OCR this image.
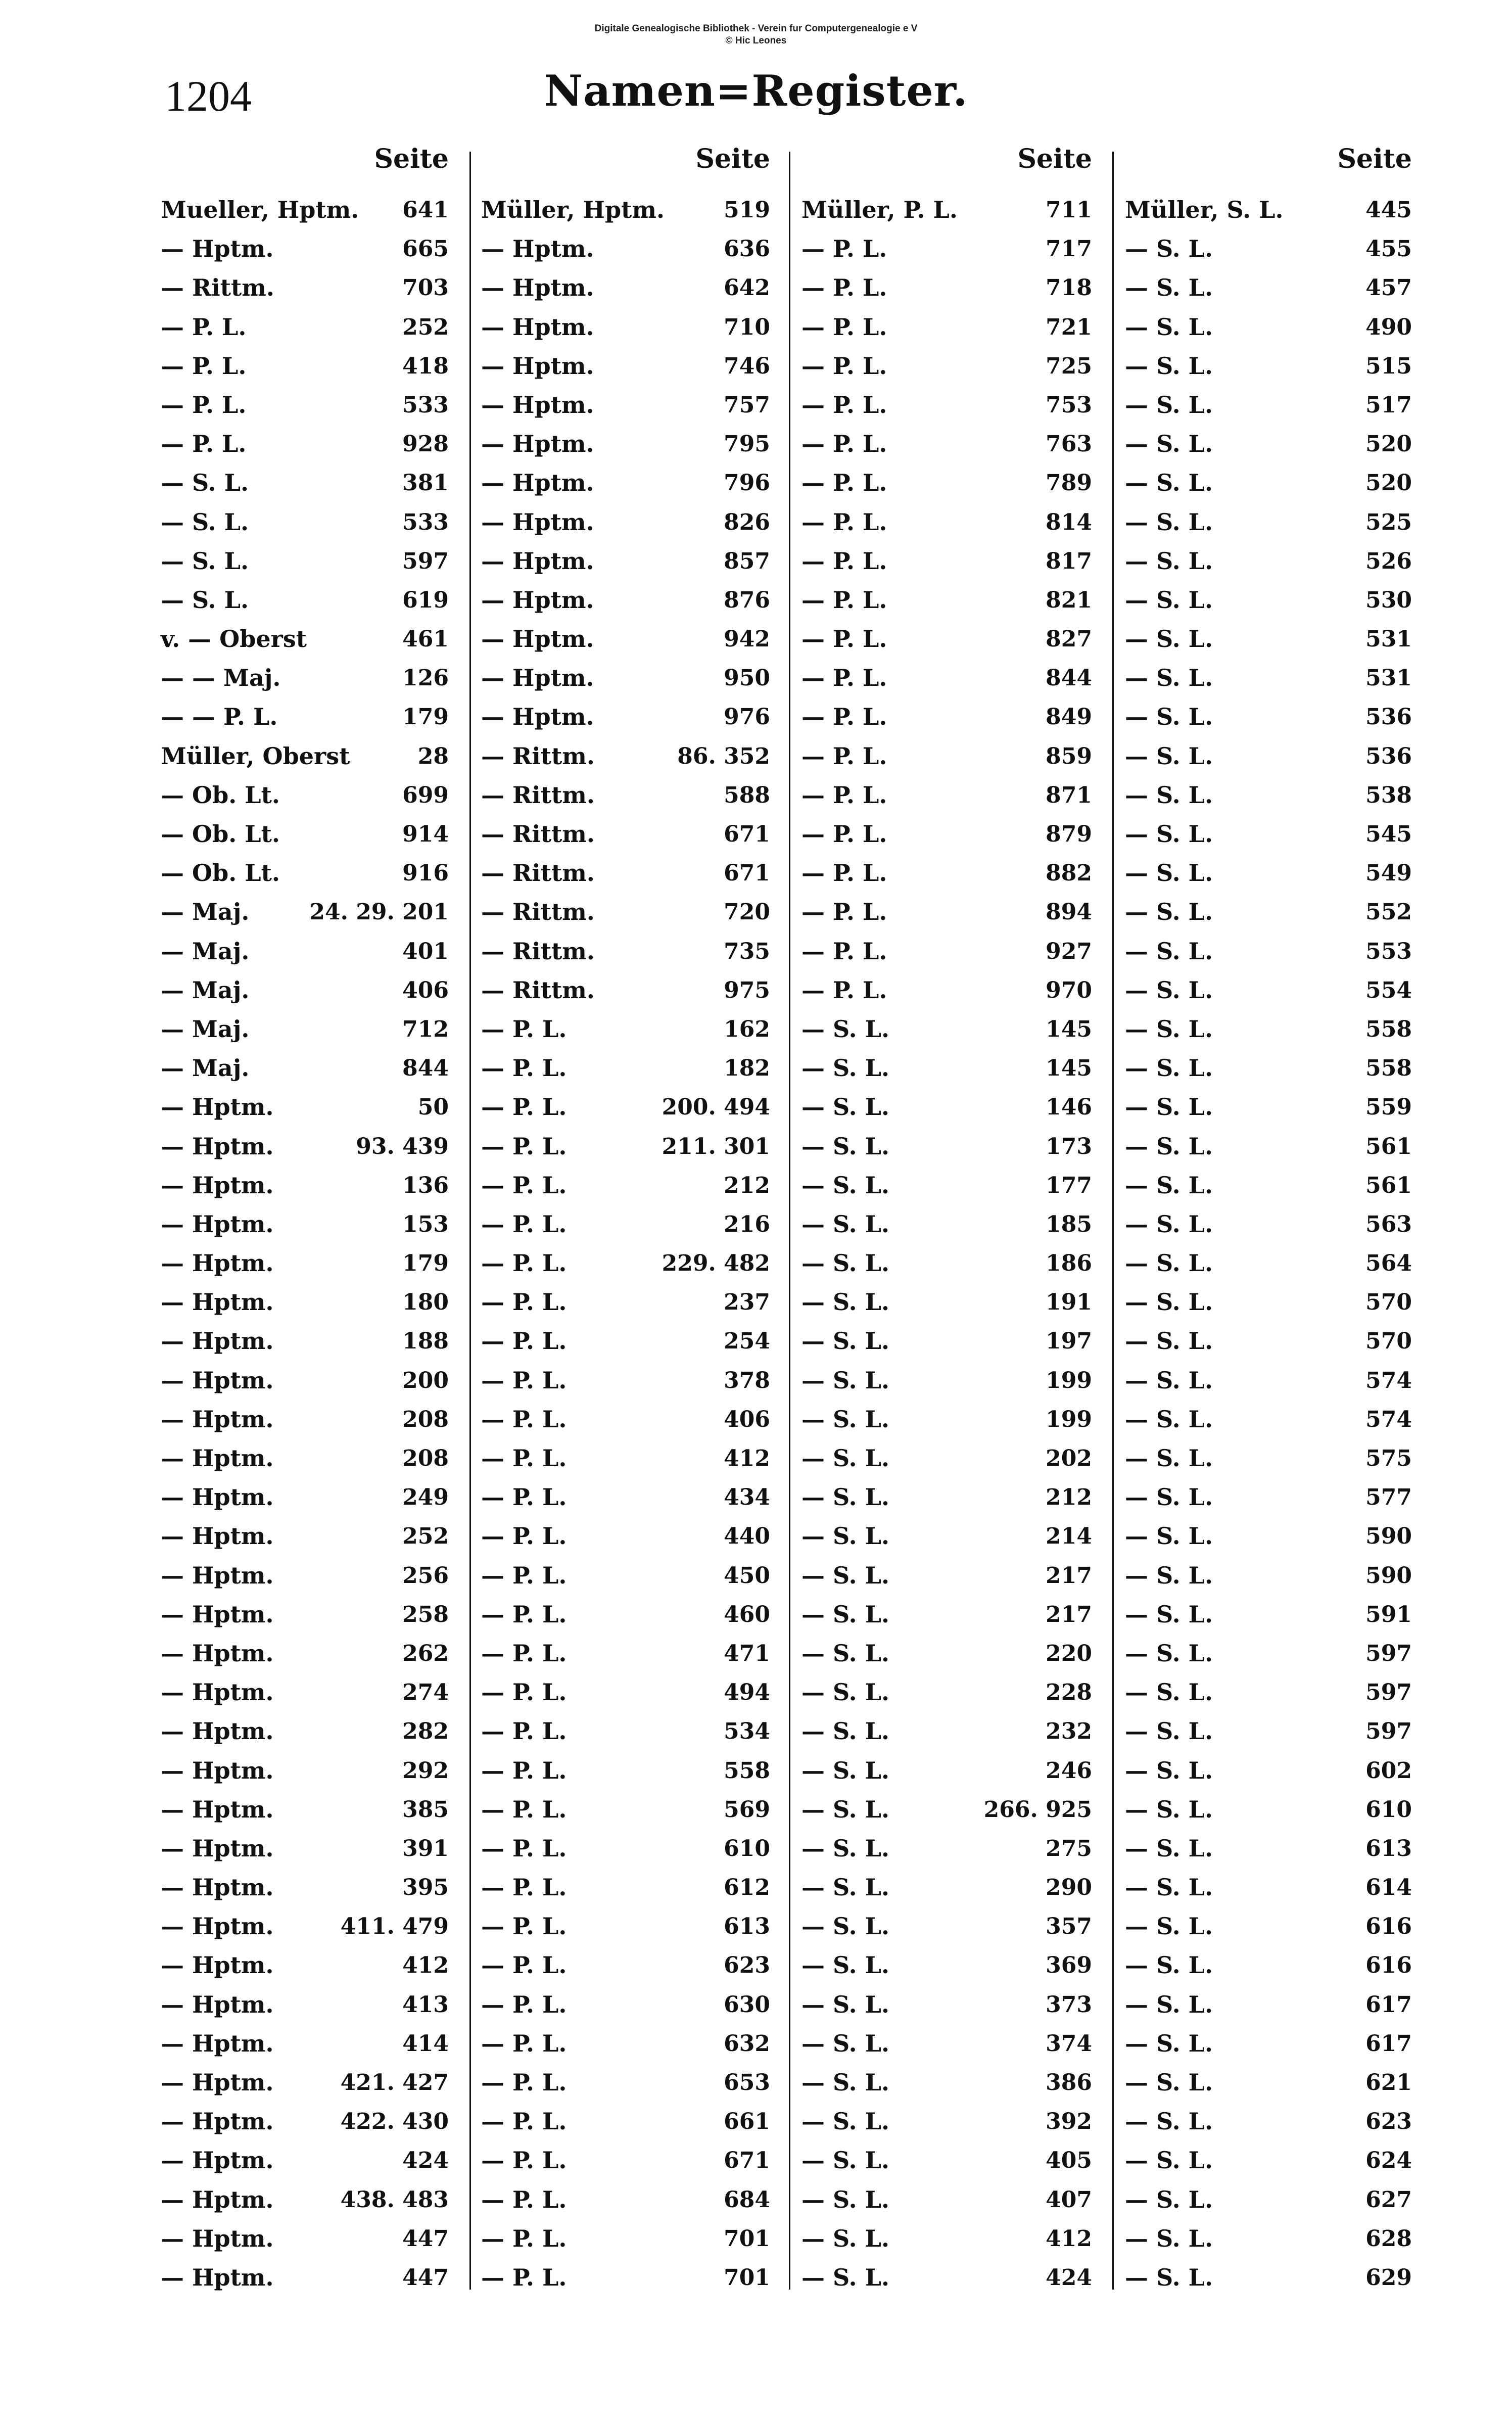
Digitale Genealogische Bibliothek - Verein fur Computergenealogie e V
© Hic Leones
1204	Namen=Register.
Seite
Mueller, Hptm. 641
— Hptm.	665
— Rittm.	703
— P. L.	252
— P. L.	418
— P. L.	533
— P. L.	928
— S. L.	381
— S. L.	533
— S. L.	597
— S. L.	619
v. — Oberst	461
— — Maj.	126
— — P. L.	179
Müller, Oberst	28
— Ob. Lt.	699
— Ob. Lt.	914
— Ob. Lt.	916
— Maj.	24. 29. 201
— Maj.	401
— Maj.	406
— Maj.	712
— Maj.	844
— Hptm.	50
— Hptm.	93. 439
— Hptm.	136
— Hptm.	153
— Hptm.	179
— Hptm.	180
— Hptm.	188
— Hptm.	200
— Hptm.	208
— Hptm.	208
— Hptm.	249
— Hptm.	252
— Hptm.	256
— Hptm.	258
— Hptm.	262
— Hptm.	274
— Hptm.	282
— Hptm.	292
— Hptm.	385
— Hptm.	391
— Hptm.	395
— Hptm.	411. 479
— Hptm.	412
— Hptm.	413
— Hptm.	414
— Hptm.	421. 427
— Hptm.	422. 430
— Hptm.	424
— Hptm.	438. 483
— Hptm.	447
— Hptm.	447
Seite
Müller, Hptm.	519
— Hptm.	636
— Hptm.	642
— Hptm.	710
— Hptm.	746
— Hptm.	757
— Hptm.	795
— Hptm.	796
— Hptm.	826
— Hptm.	857
— Hptm.	876
— Hptm.	942
— Hptm.	950
— Hptm.	976
— Rittm.	86. 352
— Rittm.	588
— Rittm.	671
— Rittm.	671
— Rittm.	720
— Rittm.	735
— Rittm.	975
— P. L.	162
— P. L.	182
— P. L.	200. 494
— P. L.	211. 301
— P. L.	212
— P. L.	216
— P. L.	229. 482
— P. L.	237
— P. L.	254
— P. L.	378
— P. L.	406
— P. L.	412
— P. L.	434
— P. L.	440
— P. L.	450
— P. L.	460
— P. L.	471
— P. L.	494
— P. L.	534
— P. L.	558
— P. L.	569
— P. L.	610
— P. L.	612
— P. L.	613
— P. L.	623
— P. L.	630
— P. L.	632
— P. L.	653
— P. L.	661
— P. L.	671
— P. L.	684
— P. L.	701
— P. L.	701
Seite
Müller, P. L.	711
— P. L.	717
— P. L.	718
— P. L.	721
— P. L.	725
— P. L.	753
— P. L.	763
— P. L.	789
— P. L.	814
— P. L.	817
— P. L.	821
— P. L.	827
— P. L.	844
— P. L.	849
— P. L.	859
— P. L.	871
— P. L.	879
— P. L.	882
— P. L.	894
— P. L.	927
— P. L.	970
— S. L.	145
— S. L.	145
— S. L.	146
— S. L.	173
— S. L.	177
— S. L.	185
— S. L.	186
— S. L.	191
— S. L.	197
— S. L.	199
— S. L.	199
— S. L.	202
— S. L.	212
— S. L.	214
— S. L.	217
— S. L.	217
— S. L.	220
— S. L.	228
— S. L.	232
— S. L.	246
— S. L.	266. 925
— S. L.	275
— S. L.	290
— S. L.	357
— S. L.	369
— S. L.	373
— S. L.	374
— S. L.	386
— S. L.	392
— S. L.	405
— S. L.	407
— S. L.	412
— S. L.	424
Seite
Müller, S. L.	445
— S. L.	455
— S. L.	457
— S. L.	490
— S. L.	515
— S. L.	517
— S. L.	520
— S. L.	520
— S. L.	525
— S. L.	526
— S. L.	530
— S. L.	531
— S. L.	531
— S. L.	536
— S. L.	536
— S. L.	538
— S. L.	545
— S. L.	549
— S. L.	552
— S. L.	553
— S. L.	554
— S. L.	558
— S. L.	558
— S. L.	559
— S. L.	561
— S. L.	561
— S. L.	563
— S. L.	564
— S. L.	570
— S. L.	570
— S. L.	574
— S. L.	574
— S. L.	575
— S. L.	577
— S. L.	590
— S. L.	590
— S. L.	591
— S. L.	597
— S. L.	597
— S. L.	597
— S. L.	602
— S. L.	610
— S. L.	613
— S. L.	614
— S. L.	616
— S. L.	616
— S. L.	617
— S. L.	617
— S. L.	621
— S. L.	623
— S. L.	624
— S. L.	627
— S. L.	628
— S. L.	629
